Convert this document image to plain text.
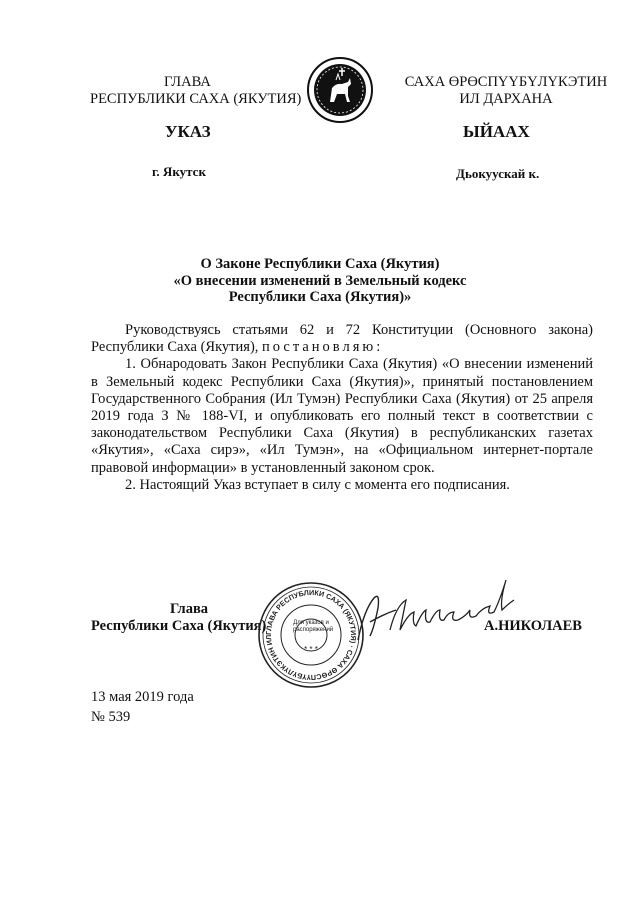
ГЛАВА
РЕСПУБЛИКИ САХА (ЯКУТИЯ)
САХА ӨРӨСПҮҮБҮЛҮКЭТИН
ИЛ ДАРХАНА
УКАЗ	ЫЙААХ
г. Якутск	Дьокуускай к.
О Законе Республики Саха (Якутия)
«О внесении изменений в Земельный кодекс
Республики Саха (Якутия)»

Руководствуясь статьями 62 и 72 Конституции (Основного закона) Республики Саха (Якутия), постановляю:

1. Обнародовать Закон Республики Саха (Якутия) «О внесении изменений в Земельный кодекс Республики Саха (Якутия)», принятый постановлением Государственного Собрания (Ил Тумэн) Республики Саха (Якутия) от 25 апреля 2019 года З № 188-VI, и опубликовать его полный текст в соответствии с законодательством Республики Саха (Якутия) в республиканских газетах «Якутия», «Саха сирэ», «Ил Тумэн», на «Официальном интернет-портале правовой информации» в установленный законом срок.

2. Настоящий Указ вступает в силу с момента его подписания.

Глава
Республики Саха (Якутия)
ГЛАВА РЕСПУБЛИКИ САХА (ЯКУТИЯ) · САХА ӨРӨСПҮҮБҮЛҮКЭТИН ИЛ
* * *
Для указов и распоряжений	А.НИКОЛАЕВ
13 мая 2019 года
№ 539
